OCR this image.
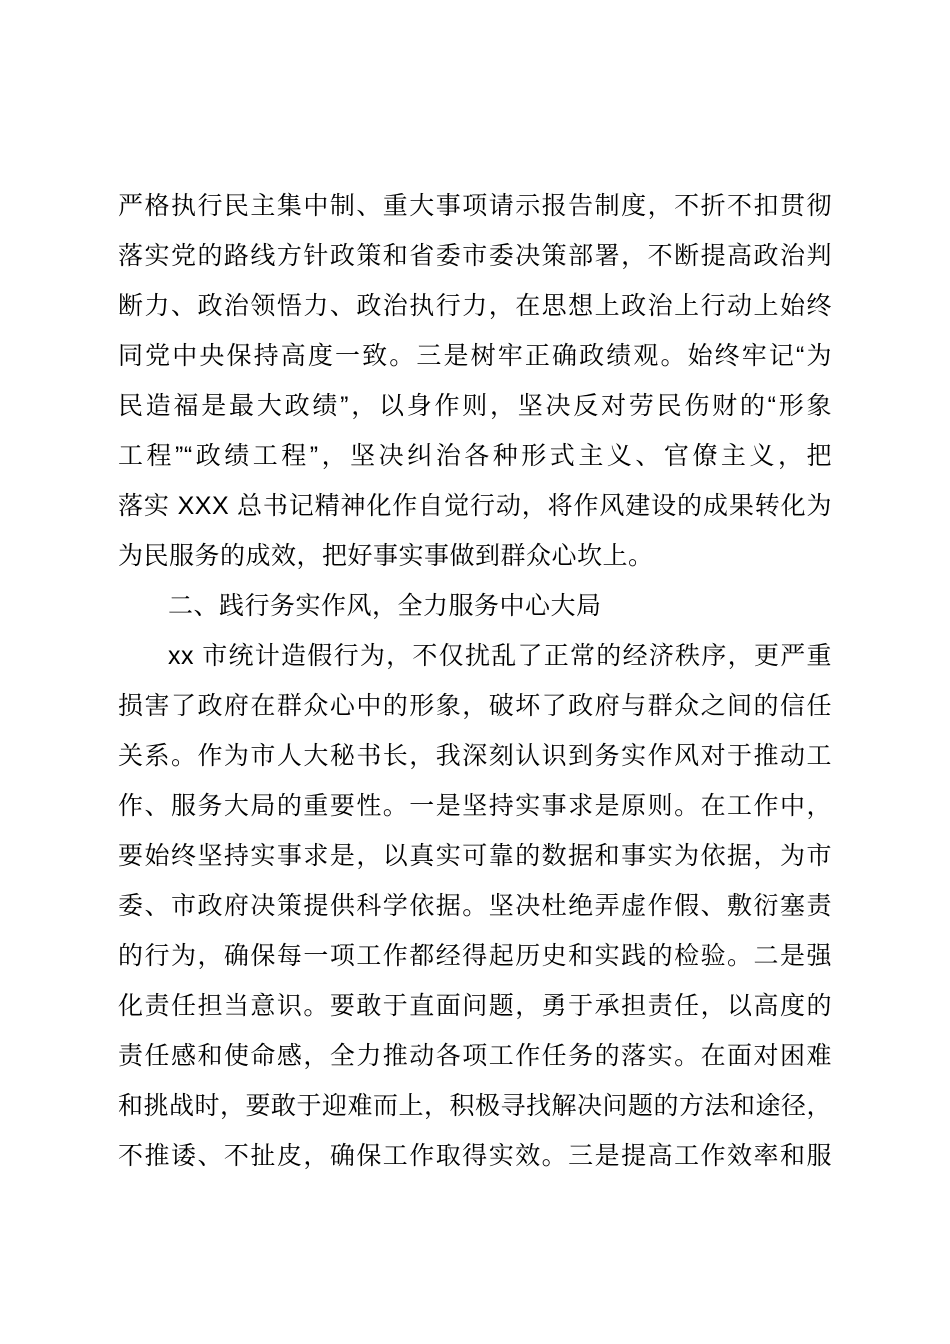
严格执行民主集中制、重大事项请示报告制度，不折不扣贯彻
落实党的路线方针政策和省委市委决策部署，不断提高政治判
断力、政治领悟力、政治执行力，在思想上政治上行动上始终
同党中央保持高度一致。三是树牢正确政绩观。始终牢记“为
民造福是最大政绩”，以身作则，坚决反对劳民伤财的“形象
工程”“政绩工程”，坚决纠治各种形式主义、官僚主义，把
落实 XXX 总书记精神化作自觉行动，将作风建设的成果转化为
为民服务的成效，把好事实事做到群众心坎上。
二、践行务实作风，全力服务中心大局
xx 市统计造假行为，不仅扰乱了正常的经济秩序，更严重
损害了政府在群众心中的形象，破坏了政府与群众之间的信任
关系。作为市人大秘书长，我深刻认识到务实作风对于推动工
作、服务大局的重要性。一是坚持实事求是原则。在工作中，
要始终坚持实事求是，以真实可靠的数据和事实为依据，为市
委、市政府决策提供科学依据。坚决杜绝弄虚作假、敷衍塞责
的行为，确保每一项工作都经得起历史和实践的检验。二是强
化责任担当意识。要敢于直面问题，勇于承担责任，以高度的
责任感和使命感，全力推动各项工作任务的落实。在面对困难
和挑战时，要敢于迎难而上，积极寻找解决问题的方法和途径，
不推诿、不扯皮，确保工作取得实效。三是提高工作效率和服
